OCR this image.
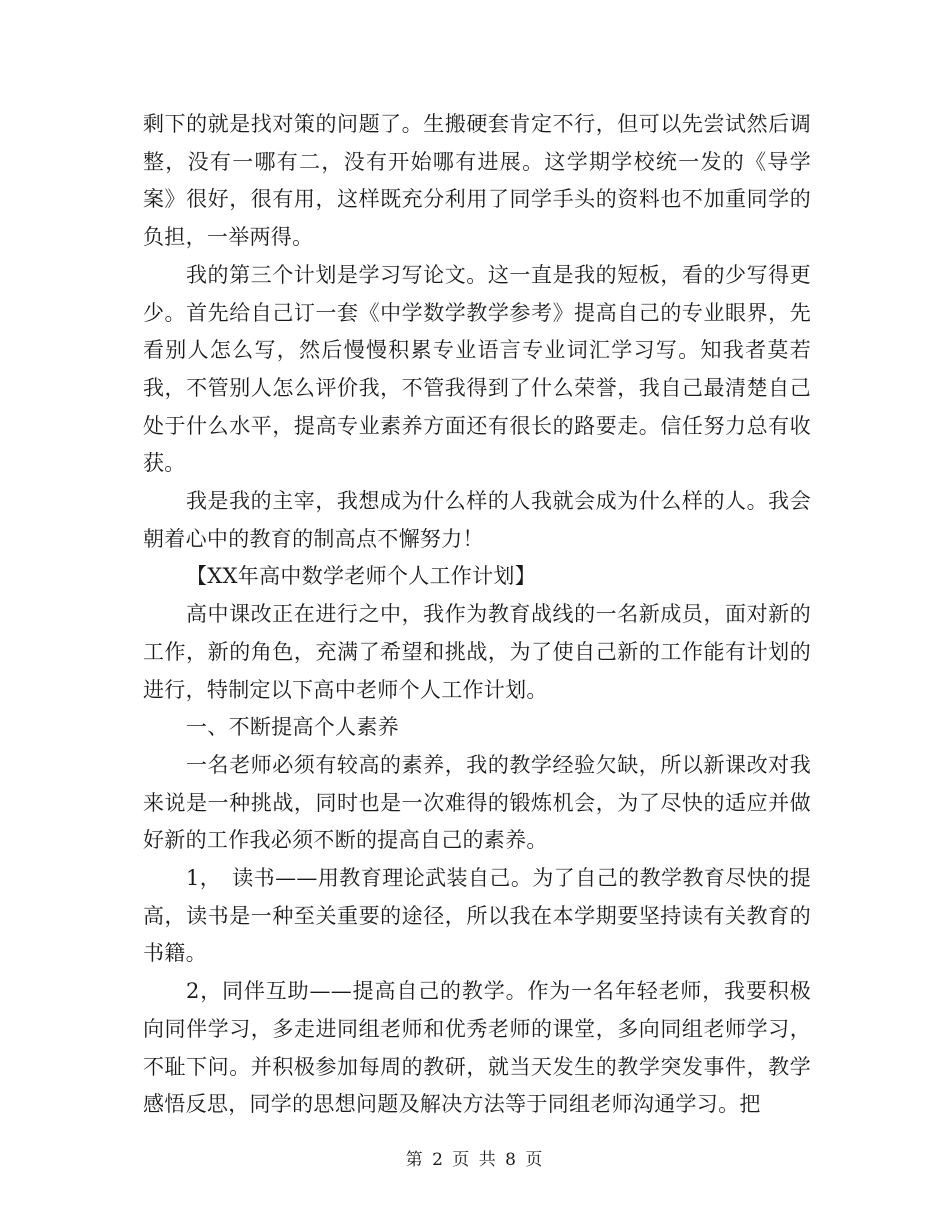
剩下的就是找对策的问题了。生搬硬套肯定不行，但可以先尝试然后调整，没有一哪有二，没有开始哪有进展。这学期学校统一发的《导学案》很好，很有用，这样既充分利用了同学手头的资料也不加重同学的负担，一举两得。

我的第三个计划是学习写论文。这一直是我的短板，看的少写得更少。首先给自己订一套《中学数学教学参考》提高自己的专业眼界，先看别人怎么写，然后慢慢积累专业语言专业词汇学习写。知我者莫若我，不管别人怎么评价我，不管我得到了什么荣誉，我自己最清楚自己处于什么水平，提高专业素养方面还有很长的路要走。信任努力总有收获。

我是我的主宰，我想成为什么样的人我就会成为什么样的人。我会朝着心中的教育的制高点不懈努力！

【XX年高中数学老师个人工作计划】

高中课改正在进行之中，我作为教育战线的一名新成员，面对新的工作，新的角色，充满了希望和挑战，为了使自己新的工作能有计划的进行，特制定以下高中老师个人工作计划。

一、不断提高个人素养

一名老师必须有较高的素养，我的教学经验欠缺，所以新课改对我来说是一种挑战，同时也是一次难得的锻炼机会，为了尽快的适应并做好新的工作我必须不断的提高自己的素养。

1，　读书——用教育理论武装自己。为了自己的教学教育尽快的提高，读书是一种至关重要的途径，所以我在本学期要坚持读有关教育的书籍。

2，同伴互助——提高自己的教学。作为一名年轻老师，我要积极向同伴学习，多走进同组老师和优秀老师的课堂，多向同组老师学习，不耻下问。并积极参加每周的教研，就当天发生的教学突发事件，教学感悟反思，同学的思想问题及解决方法等于同组老师沟通学习。把

第 2 页 共 8 页
